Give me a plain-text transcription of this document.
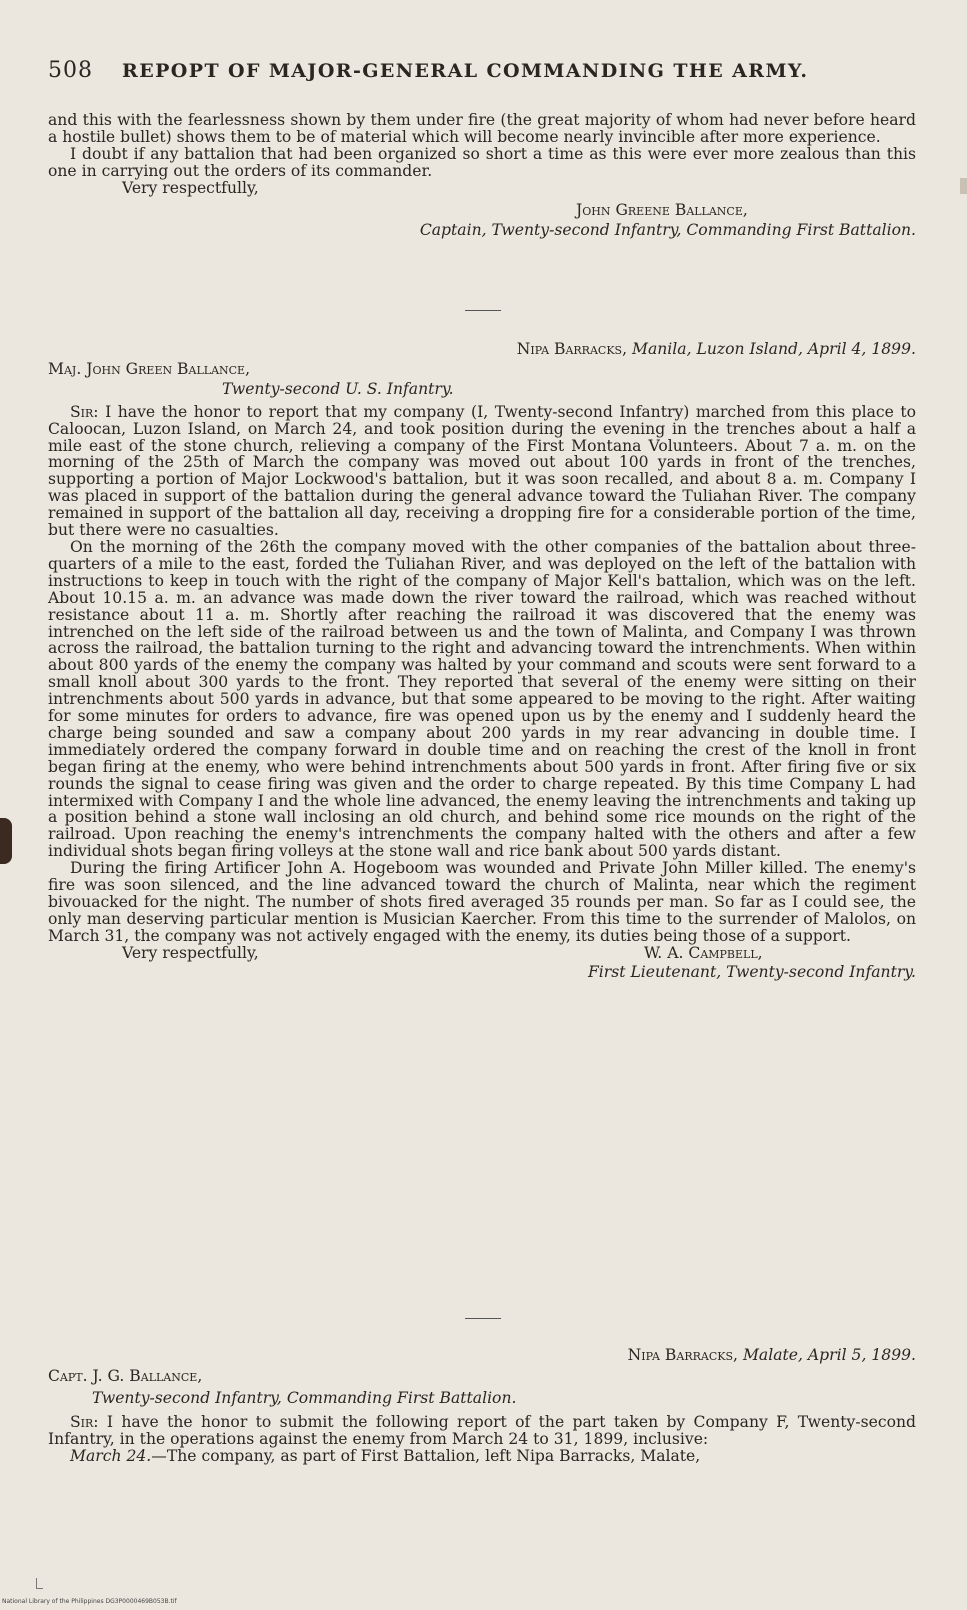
508 REPOPT OF MAJOR-GENERAL COMMANDING THE ARMY.

and this with the fearlessness shown by them under fire (the great majority of whom had never before heard a hostile bullet) shows them to be of material which will become nearly invincible after more experience.

I doubt if any battalion that had been organized so short a time as this were ever more zealous than this one in carrying out the orders of its commander.

Very respectfully,

John Greene Ballance,

Captain, Twenty-second Infantry, Commanding First Battalion.

Nipa Barracks, Manila, Luzon Island, April 4, 1899.

Maj. John Green Ballance,

Twenty-second U. S. Infantry.

Sir: I have the honor to report that my company (I, Twenty-second Infantry) marched from this place to Caloocan, Luzon Island, on March 24, and took position during the evening in the trenches about a half a mile east of the stone church, relieving a company of the First Montana Volunteers. About 7 a. m. on the morning of the 25th of March the company was moved out about 100 yards in front of the trenches, supporting a portion of Major Lockwood's battalion, but it was soon recalled, and about 8 a. m. Company I was placed in support of the battalion during the general advance toward the Tuliahan River. The company remained in support of the battalion all day, receiving a dropping fire for a considerable portion of the time, but there were no casualties.

On the morning of the 26th the company moved with the other companies of the battalion about three-quarters of a mile to the east, forded the Tuliahan River, and was deployed on the left of the battalion with instructions to keep in touch with the right of the company of Major Kell's battalion, which was on the left. About 10.15 a. m. an advance was made down the river toward the railroad, which was reached without resistance about 11 a. m. Shortly after reaching the railroad it was discovered that the enemy was intrenched on the left side of the railroad between us and the town of Malinta, and Company I was thrown across the railroad, the battalion turning to the right and advancing toward the intrenchments. When within about 800 yards of the enemy the company was halted by your command and scouts were sent forward to a small knoll about 300 yards to the front. They reported that several of the enemy were sitting on their intrenchments about 500 yards in advance, but that some appeared to be moving to the right. After waiting for some minutes for orders to advance, fire was opened upon us by the enemy and I suddenly heard the charge being sounded and saw a company about 200 yards in my rear advancing in double time. I immediately ordered the company forward in double time and on reaching the crest of the knoll in front began firing at the enemy, who were behind intrenchments about 500 yards in front. After firing five or six rounds the signal to cease firing was given and the order to charge repeated. By this time Company L had intermixed with Company I and the whole line advanced, the enemy leaving the intrenchments and taking up a position behind a stone wall inclosing an old church, and behind some rice mounds on the right of the railroad. Upon reaching the enemy's intrenchments the company halted with the others and after a few individual shots began firing volleys at the stone wall and rice bank about 500 yards distant.

During the firing Artificer John A. Hogeboom was wounded and Private John Miller killed. The enemy's fire was soon silenced, and the line advanced toward the church of Malinta, near which the regiment bivouacked for the night. The number of shots fired averaged 35 rounds per man. So far as I could see, the only man deserving particular mention is Musician Kaercher. From this time to the surrender of Malolos, on March 31, the company was not actively engaged with the enemy, its duties being those of a support.

Very respectfully,	W. A. Campbell,

First Lieutenant, Twenty-second Infantry.

Nipa Barracks, Malate, April 5, 1899.

Capt. J. G. Ballance,

Twenty-second Infantry, Commanding First Battalion.

Sir: I have the honor to submit the following report of the part taken by Company F, Twenty-second Infantry, in the operations against the enemy from March 24 to 31, 1899, inclusive:

March 24.—The company, as part of First Battalion, left Nipa Barracks, Malate,

National Library of the Philippines DG3P0000469B053B.tif
